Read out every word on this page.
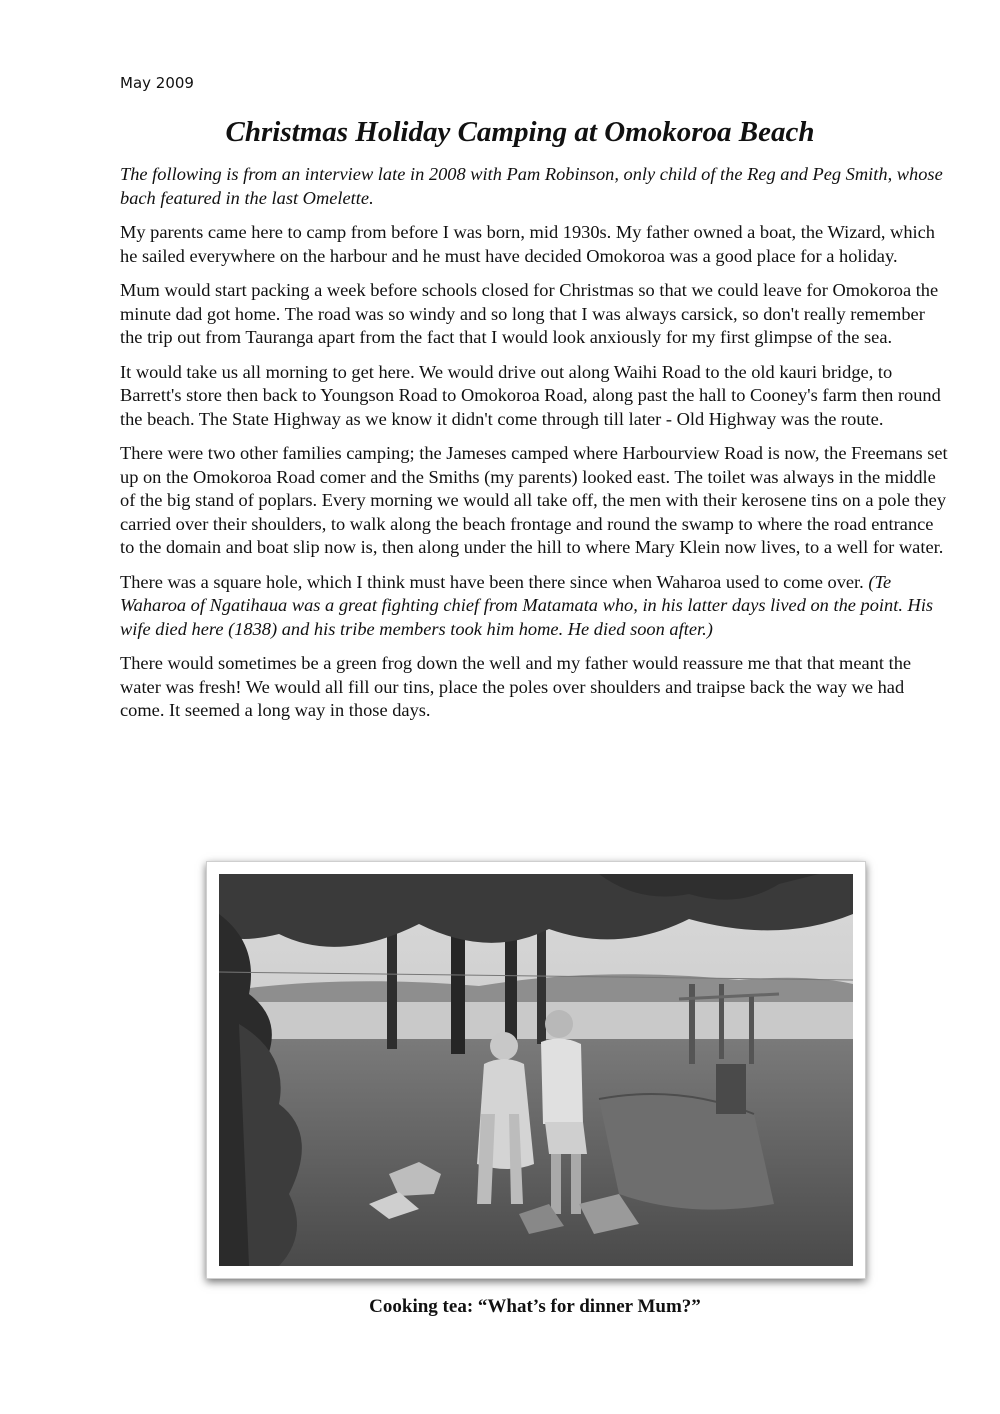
May 2009
Christmas Holiday Camping at Omokoroa Beach

The following is from an interview late in 2008 with Pam Robinson, only child of the Reg and Peg Smith, whose bach featured in the last Omelette.

My parents came here to camp from before I was born, mid 1930s. My father owned a boat, the Wizard, which he sailed everywhere on the harbour and he must have decided Omokoroa was a good place for a holiday.

Mum would start packing a week before schools closed for Christmas so that we could leave for Omokoroa the minute dad got home. The road was so windy and so long that I was always carsick, so don't really remember the trip out from Tauranga apart from the fact that I would look anxiously for my first glimpse of the sea.

It would take us all morning to get here. We would drive out along Waihi Road to the old kauri bridge, to Barrett's store then back to Youngson Road to Omokoroa Road, along past the hall to Cooney's farm then round the beach. The State Highway as we know it didn't come through till later - Old Highway was the route.

There were two other families camping; the Jameses camped where Harbourview Road is now, the Freemans set up on the Omokoroa Road comer and the Smiths (my parents) looked east. The toilet was always in the middle of the big stand of poplars. Every morning we would all take off, the men with their kerosene tins on a pole they carried over their shoulders, to walk along the beach frontage and round the swamp to where the road entrance to the domain and boat slip now is, then along under the hill to where Mary Klein now lives, to a well for water.

There was a square hole, which I think must have been there since when Waharoa used to come over. (Te Waharoa of Ngatihaua was a great fighting chief from Matamata who, in his latter days lived on the point. His wife died here (1838) and his tribe members took him home. He died soon after.)

There would sometimes be a green frog down the well and my father would reassure me that that meant the water was fresh! We would all fill our tins, place the poles over shoulders and traipse back the way we had come. It seemed a long way in those days.

Cooking tea: “What’s for dinner Mum?”
